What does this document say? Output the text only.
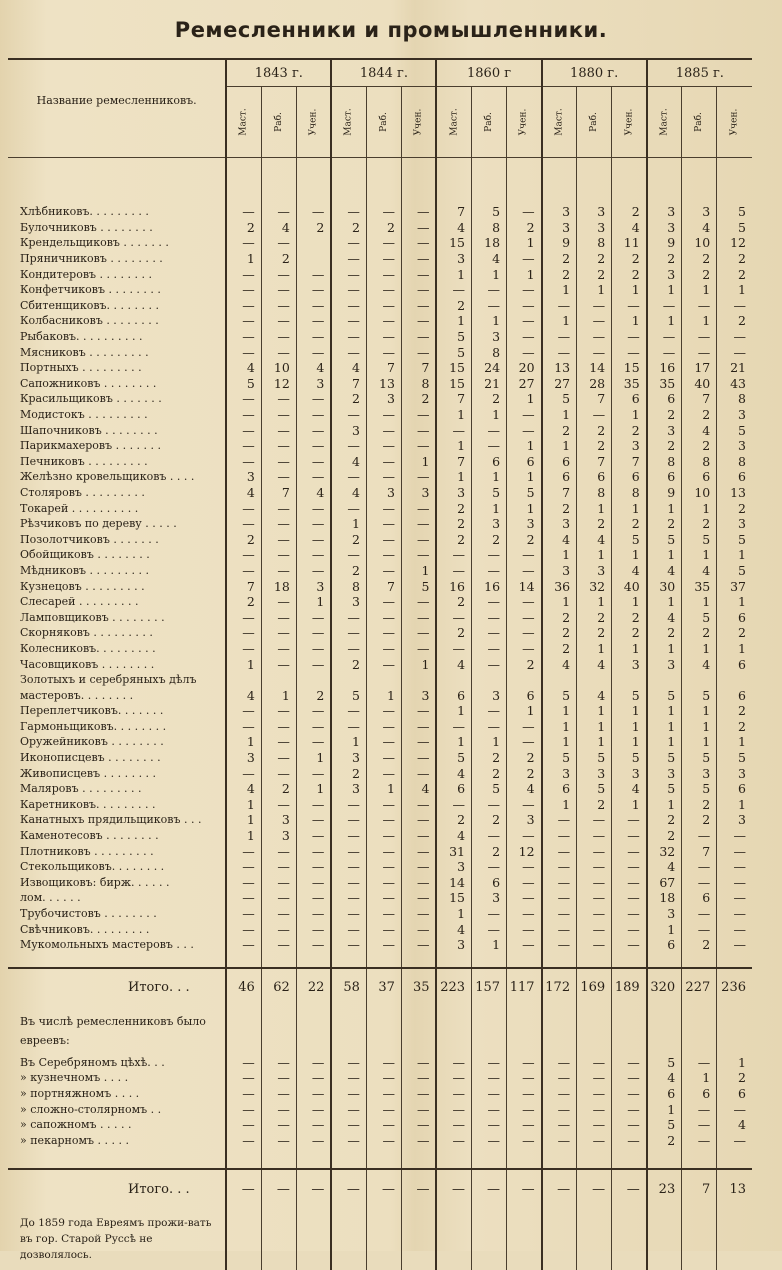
Ремесленники и промышленники.
Название ремесленниковъ.	1843 г.			1844 г.			1860 г			1880 г.			1885 г.		
	Маст.	Раб.	Учен.	Маст.	Раб.	Учен.	Маст.	Раб.	Учен.	Маст.	Раб.	Учен.	Маст.	Раб.	Учен.

Хлѣбниковъ. . . . . . . . .	—	—	—	—	—	—	7	5	—	3	3	2	3	3	5
Булочниковъ . . . . . . . .	2	4	2	2	2	—	4	8	2	3	3	4	3	4	5
Крендельщиковъ . . . . . . .	—	—		—	—	—	15	18	1	9	8	11	9	10	12
Пряничниковъ . . . . . . . .	1	2		—	—	—	3	4	—	2	2	2	2	2	2
Кондитеровъ . . . . . . . .	—	—	—	—	—	—	1	1	1	2	2	2	3	2	2
Конфетчиковъ . . . . . . . .	—	—	—	—	—	—	—	—	—	1	1	1	1	1	1
Сбитенщиковъ. . . . . . . .	—	—	—	—	—	—	2	—	—	—	—	—	—	—	—
Колбасниковъ . . . . . . . .	—	—	—	—	—	—	1	1	—	1	—	1	1	1	2
Рыбаковъ. . . . . . . . . .	—	—	—	—	—	—	5	3	—	—	—	—	—	—	—
Мясниковъ . . . . . . . . .	—	—	—	—	—	—	5	8	—	—	—	—	—	—	—
Портныхъ . . . . . . . . .	4	10	4	4	7	7	15	24	20	13	14	15	16	17	21
Сапожниковъ . . . . . . . .	5	12	3	7	13	8	15	21	27	27	28	35	35	40	43
Красильщиковъ . . . . . . .	—	—	—	2	3	2	7	2	1	5	7	6	6	7	8
Модистокъ . . . . . . . . .	—	—	—	—	—	—	1	1	—	1	—	1	2	2	3
Шапочниковъ . . . . . . . .	—	—	—	3	—	—	—	—	—	2	2	2	3	4	5
Парикмахеровъ . . . . . . .	—	—	—	—	—	—	1	—	1	1	2	3	2	2	3
Печниковъ . . . . . . . . .	—	—	—	4	—	1	7	6	6	6	7	7	8	8	8
Желѣзно кровельщиковъ . . . .	3	—	—	—	—	—	1	1	1	6	6	6	6	6	6
Столяровъ . . . . . . . . .	4	7	4	4	3	3	3	5	5	7	8	8	9	10	13
Токарей . . . . . . . . . .	—	—	—	—	—	—	2	1	1	2	1	1	1	1	2
Рѣзчиковъ по дереву . . . . .	—	—	—	1	—	—	2	3	3	3	2	2	2	2	3
Позолотчиковъ . . . . . . .	2	—	—	2	—	—	2	2	2	4	4	5	5	5	5
Обойщиковъ . . . . . . . .	—	—	—	—	—	—	—	—	—	1	1	1	1	1	1
Мѣдниковъ . . . . . . . . .	—	—	—	2	—	1	—	—	—	3	3	4	4	4	5
Кузнецовъ . . . . . . . . .	7	18	3	8	7	5	16	16	14	36	32	40	30	35	37
Слесарей . . . . . . . . .	2	—	1	3	—	—	2	—	—	1	1	1	1	1	1
Ламповщиковъ . . . . . . . .	—	—	—	—	—	—	—	—	—	2	2	2	4	5	6
Скорняковъ . . . . . . . . .	—	—	—	—	—	—	2	—	—	2	2	2	2	2	2
Колесниковъ. . . . . . . . .	—	—	—	—	—	—	—	—	—	2	1	1	1	1	1
Часовщиковъ . . . . . . . .	1	—	—	2	—	1	4	—	2	4	4	3	3	4	6
Золотыхъ и серебряныхъ дѣлъ															
мастеровъ. . . . . . . .	4	1	2	5	1	3	6	3	6	5	4	5	5	5	6
Переплетчиковъ. . . . . . .	—	—	—	—	—	—	1	—	1	1	1	1	1	1	2
Гармоньщиковъ. . . . . . . .	—	—	—	—	—	—	—	—	—	1	1	1	1	1	2
Оружейниковъ . . . . . . . .	1	—	—	1	—	—	1	1	—	1	1	1	1	1	1
Иконописцевъ . . . . . . . .	3	—	1	3	—	—	5	2	2	5	5	5	5	5	5
Живописцевъ . . . . . . . .	—	—	—	2	—	—	4	2	2	3	3	3	3	3	3
Маляровъ . . . . . . . . .	4	2	1	3	1	4	6	5	4	6	5	4	5	5	6
Каретниковъ. . . . . . . . .	1	—	—	—	—	—	—	—	—	1	2	1	1	2	1
Канатныхъ прядильщиковъ . . .	1	3	—	—	—	—	2	2	3	—	—	—	2	2	3
Каменотесовъ . . . . . . . .	1	3	—	—	—	—	4	—	—	—	—	—	2	—	—
Плотниковъ . . . . . . . . .	—	—	—	—	—	—	31	2	12	—	—	—	32	7	—
Стекольщиковъ. . . . . . . .	—	—	—	—	—	—	3	—	—	—	—	—	4	—	—
Извощиковъ: бирж. . . . . .	—	—	—	—	—	—	14	6	—	—	—	—	67	—	—
лом. . . . . .	—	—	—	—	—	—	15	3	—	—	—	—	18	6	—
Трубочистовъ . . . . . . . .	—	—	—	—	—	—	1	—	—	—	—	—	3	—	—
Свѣчниковъ. . . . . . . . .	—	—	—	—	—	—	4	—	—	—	—	—	1	—	—
Мукомольныхъ мастеровъ . . .	—	—	—	—	—	—	3	1	—	—	—	—	6	2	—

Итого. . .	46	62	22	58	37	35	223	157	117	172	169	189	320	227	236
Въ числѣ ремесленниковъ было евреевъ:															
Въ Серебряномъ цѣхѣ. . .	—	—	—	—	—	—	—	—	—	—	—	—	5	—	1
» кузнечномъ . . . .	—	—	—	—	—	—	—	—	—	—	—	—	4	1	2
» портняжномъ . . . .	—	—	—	—	—	—	—	—	—	—	—	—	6	6	6
» сложно-столярномъ . .	—	—	—	—	—	—	—	—	—	—	—	—	1	—	—
» сапожномъ . . . . .	—	—	—	—	—	—	—	—	—	—	—	—	5	—	4
» пекарномъ . . . . .	—	—	—	—	—	—	—	—	—	—	—	—	2	—	—

Итого. . .	—	—	—	—	—	—	—	—	—	—	—	—	23	7	13
До 1859 года Евреямъ прожи-вать въ гор. Старой Руссѣ не дозволялось.															
